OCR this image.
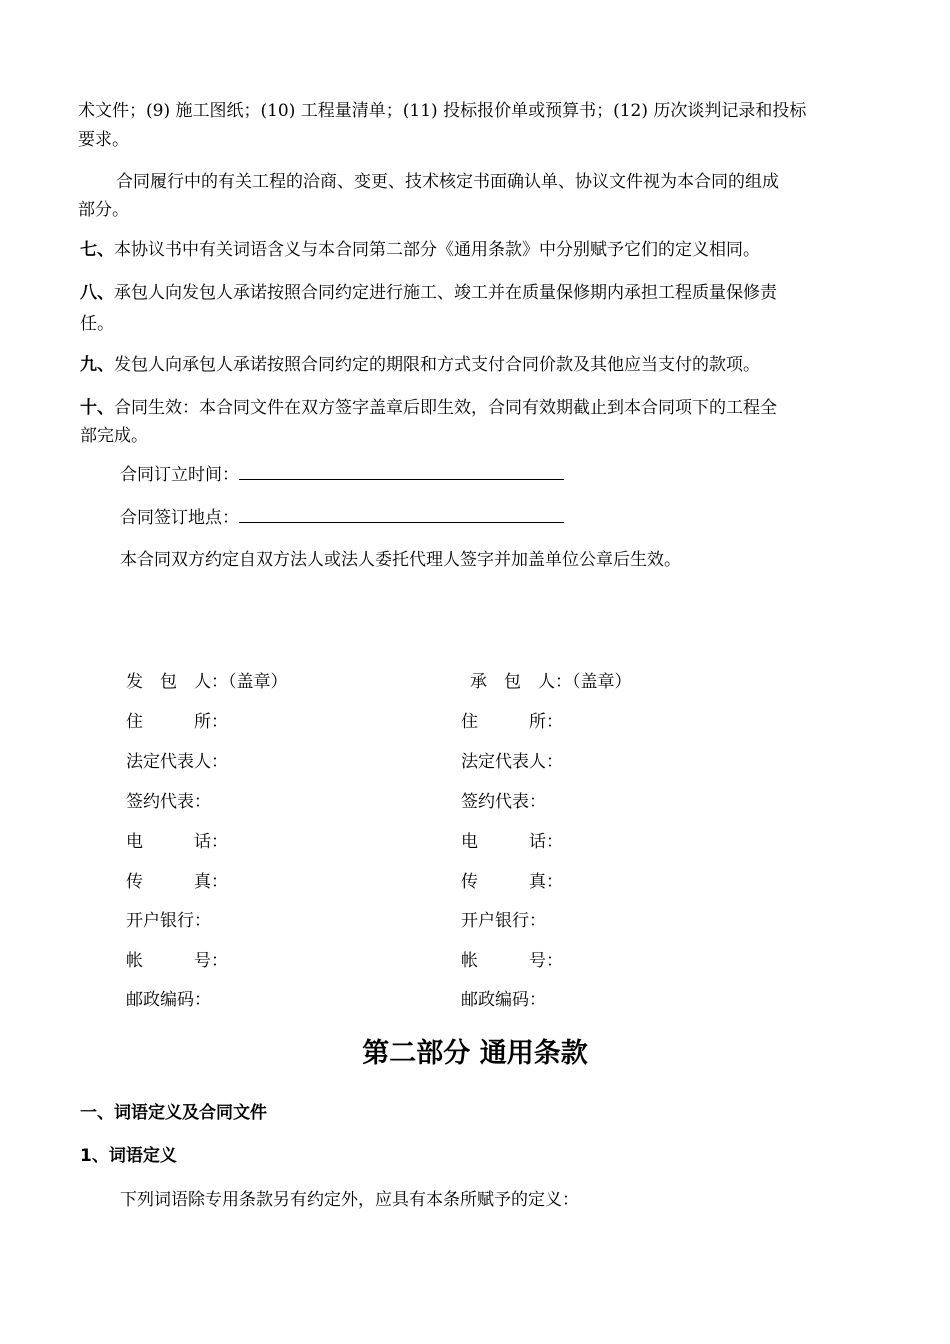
术文件；(9) 施工图纸；(10) 工程量清单；(11) 投标报价单或预算书；(12) 历次谈判记录和投标
要求。
合同履行中的有关工程的洽商、变更、技术核定书面确认单、协议文件视为本合同的组成
部分。
七、本协议书中有关词语含义与本合同第二部分《通用条款》中分别赋予它们的定义相同。
八、承包人向发包人承诺按照合同约定进行施工、竣工并在质量保修期内承担工程质量保修责
任。
九、发包人向承包人承诺按照合同约定的期限和方式支付合同价款及其他应当支付的款项。
十、合同生效：本合同文件在双方签字盖章后即生效，合同有效期截止到本合同项下的工程全
部完成。
合同订立时间：
合同签订地点：
本合同双方约定自双方法人或法人委托代理人签字并加盖单位公章后生效。
发　包　人：（盖章）
住　　　所：
法定代表人：
签约代表：
电　　　话：
传　　　真：
开户银行：
帐　　　号：
邮政编码：
承　包　人：（盖章）
住　　　所：
法定代表人：
签约代表：
电　　　话：
传　　　真：
开户银行：
帐　　　号：
邮政编码：
第二部分 通用条款
一、词语定义及合同文件
1、词语定义
下列词语除专用条款另有约定外，应具有本条所赋予的定义：
